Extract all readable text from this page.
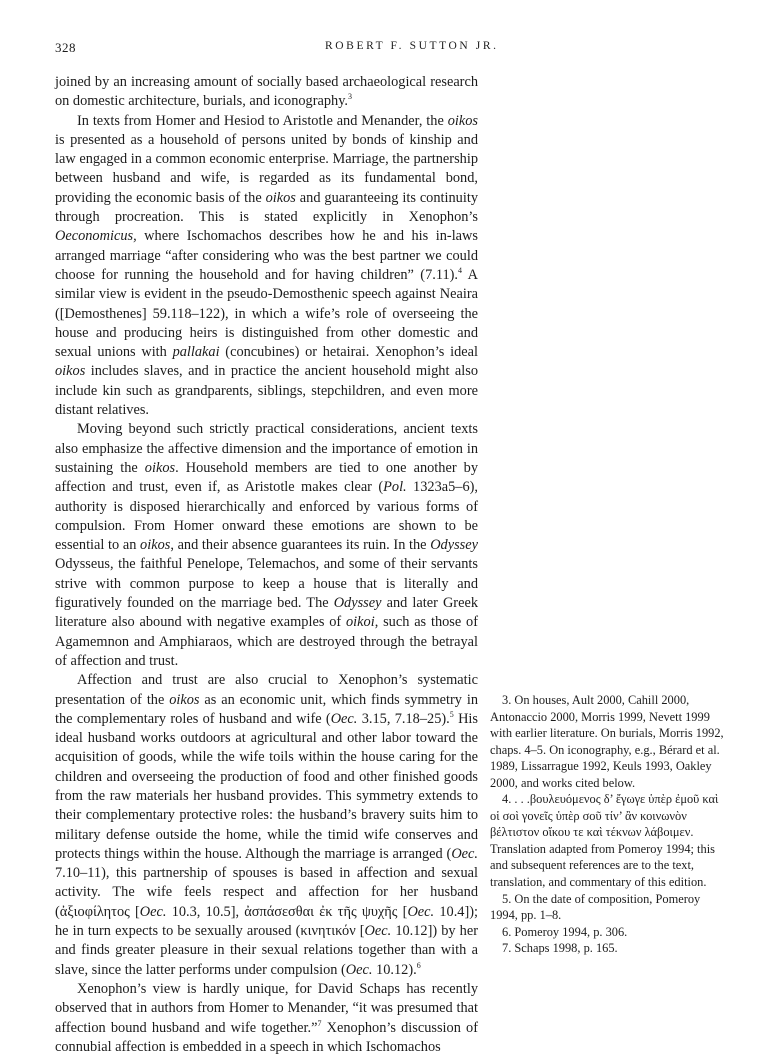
328	ROBERT F. SUTTON JR.

joined by an increasing amount of socially based archaeological research on domestic architecture, burials, and iconography.$^3$

In texts from Homer and Hesiod to Aristotle and Menander, the oikos is presented as a household of persons united by bonds of kinship and law engaged in a common economic enterprise. Marriage, the partnership between husband and wife, is regarded as its fundamental bond, providing the economic basis of the oikos and guaranteeing its continuity through procreation. This is stated explicitly in Xenophon’s Oeconomicus, where Ischomachos describes how he and his in-laws arranged marriage “after considering who was the best partner we could choose for running the household and for having children” (7.11).$^4$ A similar view is evident in the pseudo-Demosthenic speech against Neaira ([Demosthenes] 59.118–122), in which a wife’s role of overseeing the house and producing heirs is distinguished from other domestic and sexual unions with pallakai (concubines) or hetairai. Xenophon’s ideal oikos includes slaves, and in practice the ancient household might also include kin such as grandparents, siblings, stepchildren, and even more distant relatives.

Moving beyond such strictly practical considerations, ancient texts also emphasize the affective dimension and the importance of emotion in sustaining the oikos. Household members are tied to one another by affection and trust, even if, as Aristotle makes clear (Pol. 1323a5–6), authority is disposed hierarchically and enforced by various forms of compulsion. From Homer onward these emotions are shown to be essential to an oikos, and their absence guarantees its ruin. In the Odyssey Odysseus, the faithful Penelope, Telemachos, and some of their servants strive with common purpose to keep a house that is literally and figuratively founded on the marriage bed. The Odyssey and later Greek literature also abound with negative examples of oikoi, such as those of Agamemnon and Amphiaraos, which are destroyed through the betrayal of affection and trust.

Affection and trust are also crucial to Xenophon’s systematic presentation of the oikos as an economic unit, which finds symmetry in the complementary roles of husband and wife (Oec. 3.15, 7.18–25).$^5$ His ideal husband works outdoors at agricultural and other labor toward the acquisition of goods, while the wife toils within the house caring for the children and overseeing the production of food and other finished goods from the raw materials her husband provides. This symmetry extends to their complementary protective roles: the husband’s bravery suits him to military defense outside the home, while the timid wife conserves and protects things within the house. Although the marriage is arranged (Oec. 7.10–11), this partnership of spouses is based in affection and sexual activity. The wife feels respect and affection for her husband (ἀξιοφίλητος [Oec. 10.3, 10.5], ἀσπάσεσθαι ἐκ τῆς ψυχῆς [Oec. 10.4]); he in turn expects to be sexually aroused (κινητικόν [Oec. 10.12]) by her and finds greater pleasure in their sexual relations together than with a slave, since the latter performs under compulsion (Oec. 10.12).$^6$

Xenophon’s view is hardly unique, for David Schaps has recently observed that in authors from Homer to Menander, “it was presumed that affection bound husband and wife together.”$^7$ Xenophon’s discussion of connubial affection is embedded in a speech in which Ischomachos

3. On houses, Ault 2000, Cahill 2000, Antonaccio 2000, Morris 1999, Nevett 1999 with earlier literature. On burials, Morris 1992, chaps. 4–5. On iconography, e.g., Bérard et al. 1989, Lissarrague 1992, Keuls 1993, Oakley 2000, and works cited below.

4. . . .βουλευόμενος δ’ ἔγωγε ὑπὲρ ἐμοῦ καὶ οἱ σοὶ γονεῖς ὑπὲρ σοῦ τίν’ ἂν κοινωνὸν βέλτιστον οἴκου τε καὶ τέκνων λάβοιμεν. Translation adapted from Pomeroy 1994; this and subsequent references are to the text, translation, and commentary of this edition.

5. On the date of composition, Pomeroy 1994, pp. 1–8.

6. Pomeroy 1994, p. 306.

7. Schaps 1998, p. 165.
